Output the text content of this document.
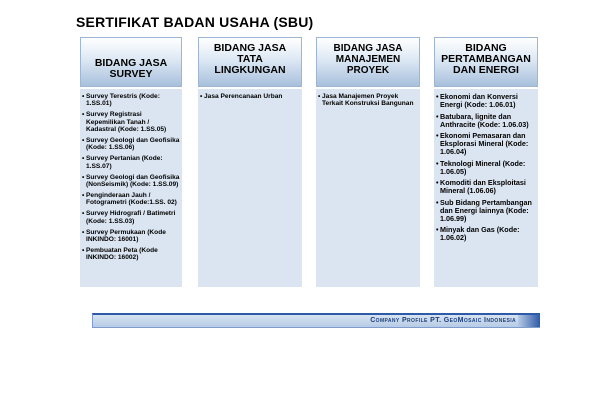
SERTIFIKAT BADAN USAHA (SBU)
BIDANG JASA SURVEY
• Survey Terestris (Kode: 1.SS.01)
• Survey Registrasi Kepemilikan Tanah / Kadastral (Kode: 1.SS.05)
• Survey Geologi dan Geofisika (Kode: 1.SS.06)
• Survey Pertanian (Kode: 1.SS.07)
• Survey Geologi dan Geofisika (NonSeismik) (Kode: 1.SS.09)
• Penginderaan Jauh / Fotogrametri (Kode:1.SS. 02)
• Survey Hidrografi / Batimetri (Kode: 1.SS.03)
• Survey Permukaan (Kode INKINDO: 16001)
• Pembuatan Peta (Kode INKINDO: 16002)
BIDANG JASA TATA LINGKUNGAN
• Jasa Perencanaan Urban
BIDANG JASA MANAJEMEN PROYEK
• Jasa Manajemen Proyek Terkait Konstruksi Bangunan
BIDANG PERTAMBANGAN DAN ENERGI
• Ekonomi dan Konversi Energi (Kode: 1.06.01)
• Batubara, lignite dan Anthracite (Kode: 1.06.03)
• Ekonomi Pemasaran dan Eksplorasi Mineral (Kode: 1.06.04)
• Teknologi Mineral (Kode: 1.06.05)
• Komoditi dan Eksploitasi Mineral (1.06.06)
• Sub Bidang Pertambangan dan Energi lainnya (Kode: 1.06.99)
• Minyak dan Gas (Kode: 1.06.02)
Company Profile PT. GeoMosaic Indonesia
